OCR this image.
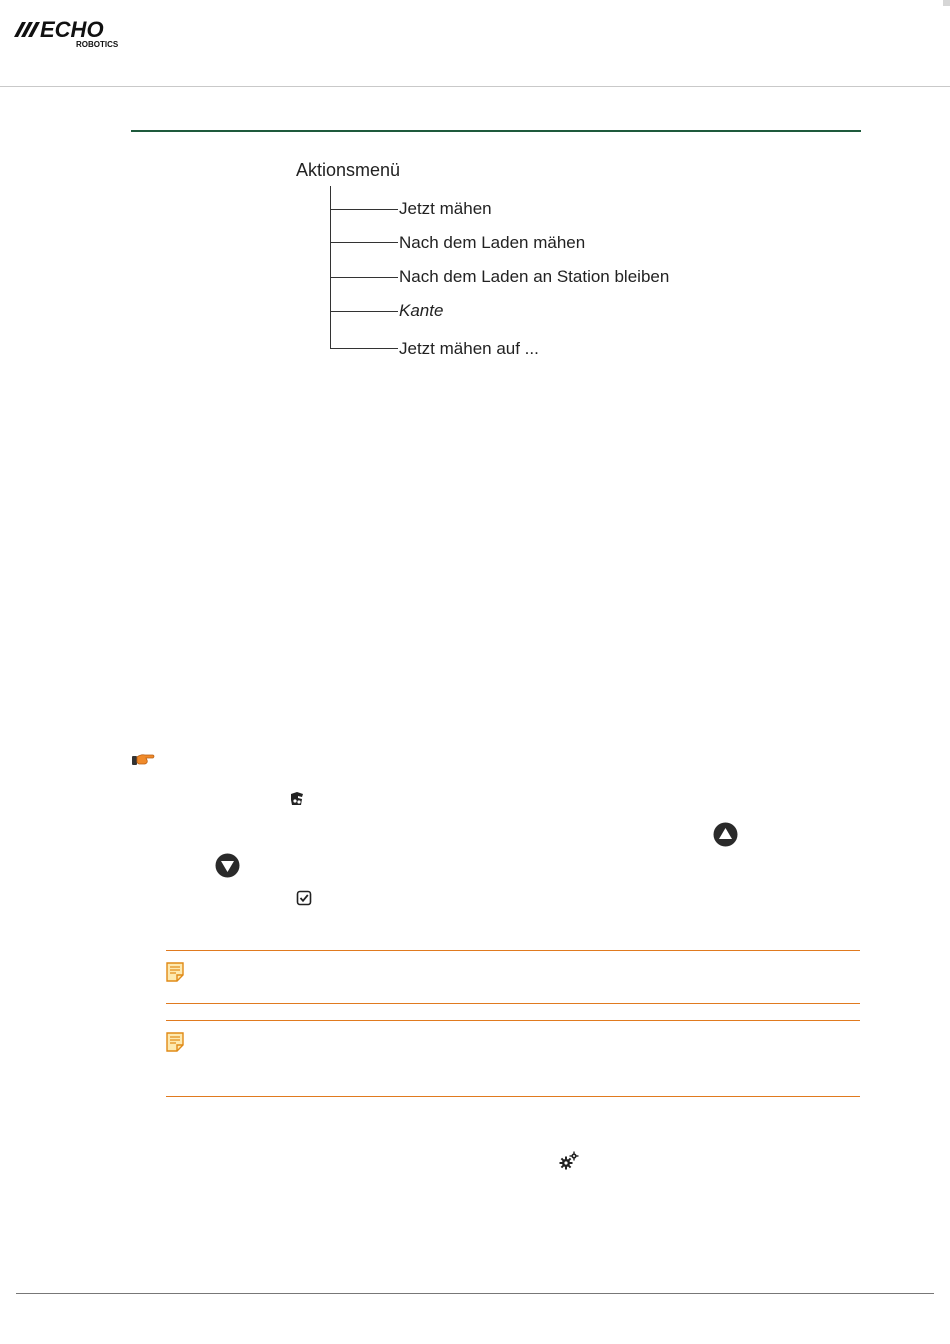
ECHO
ROBOTICS
Aktionsmenü
Jetzt mähen
Nach dem Laden mähen
Nach dem Laden an Station bleiben
Kante
Jetzt mähen auf ...
